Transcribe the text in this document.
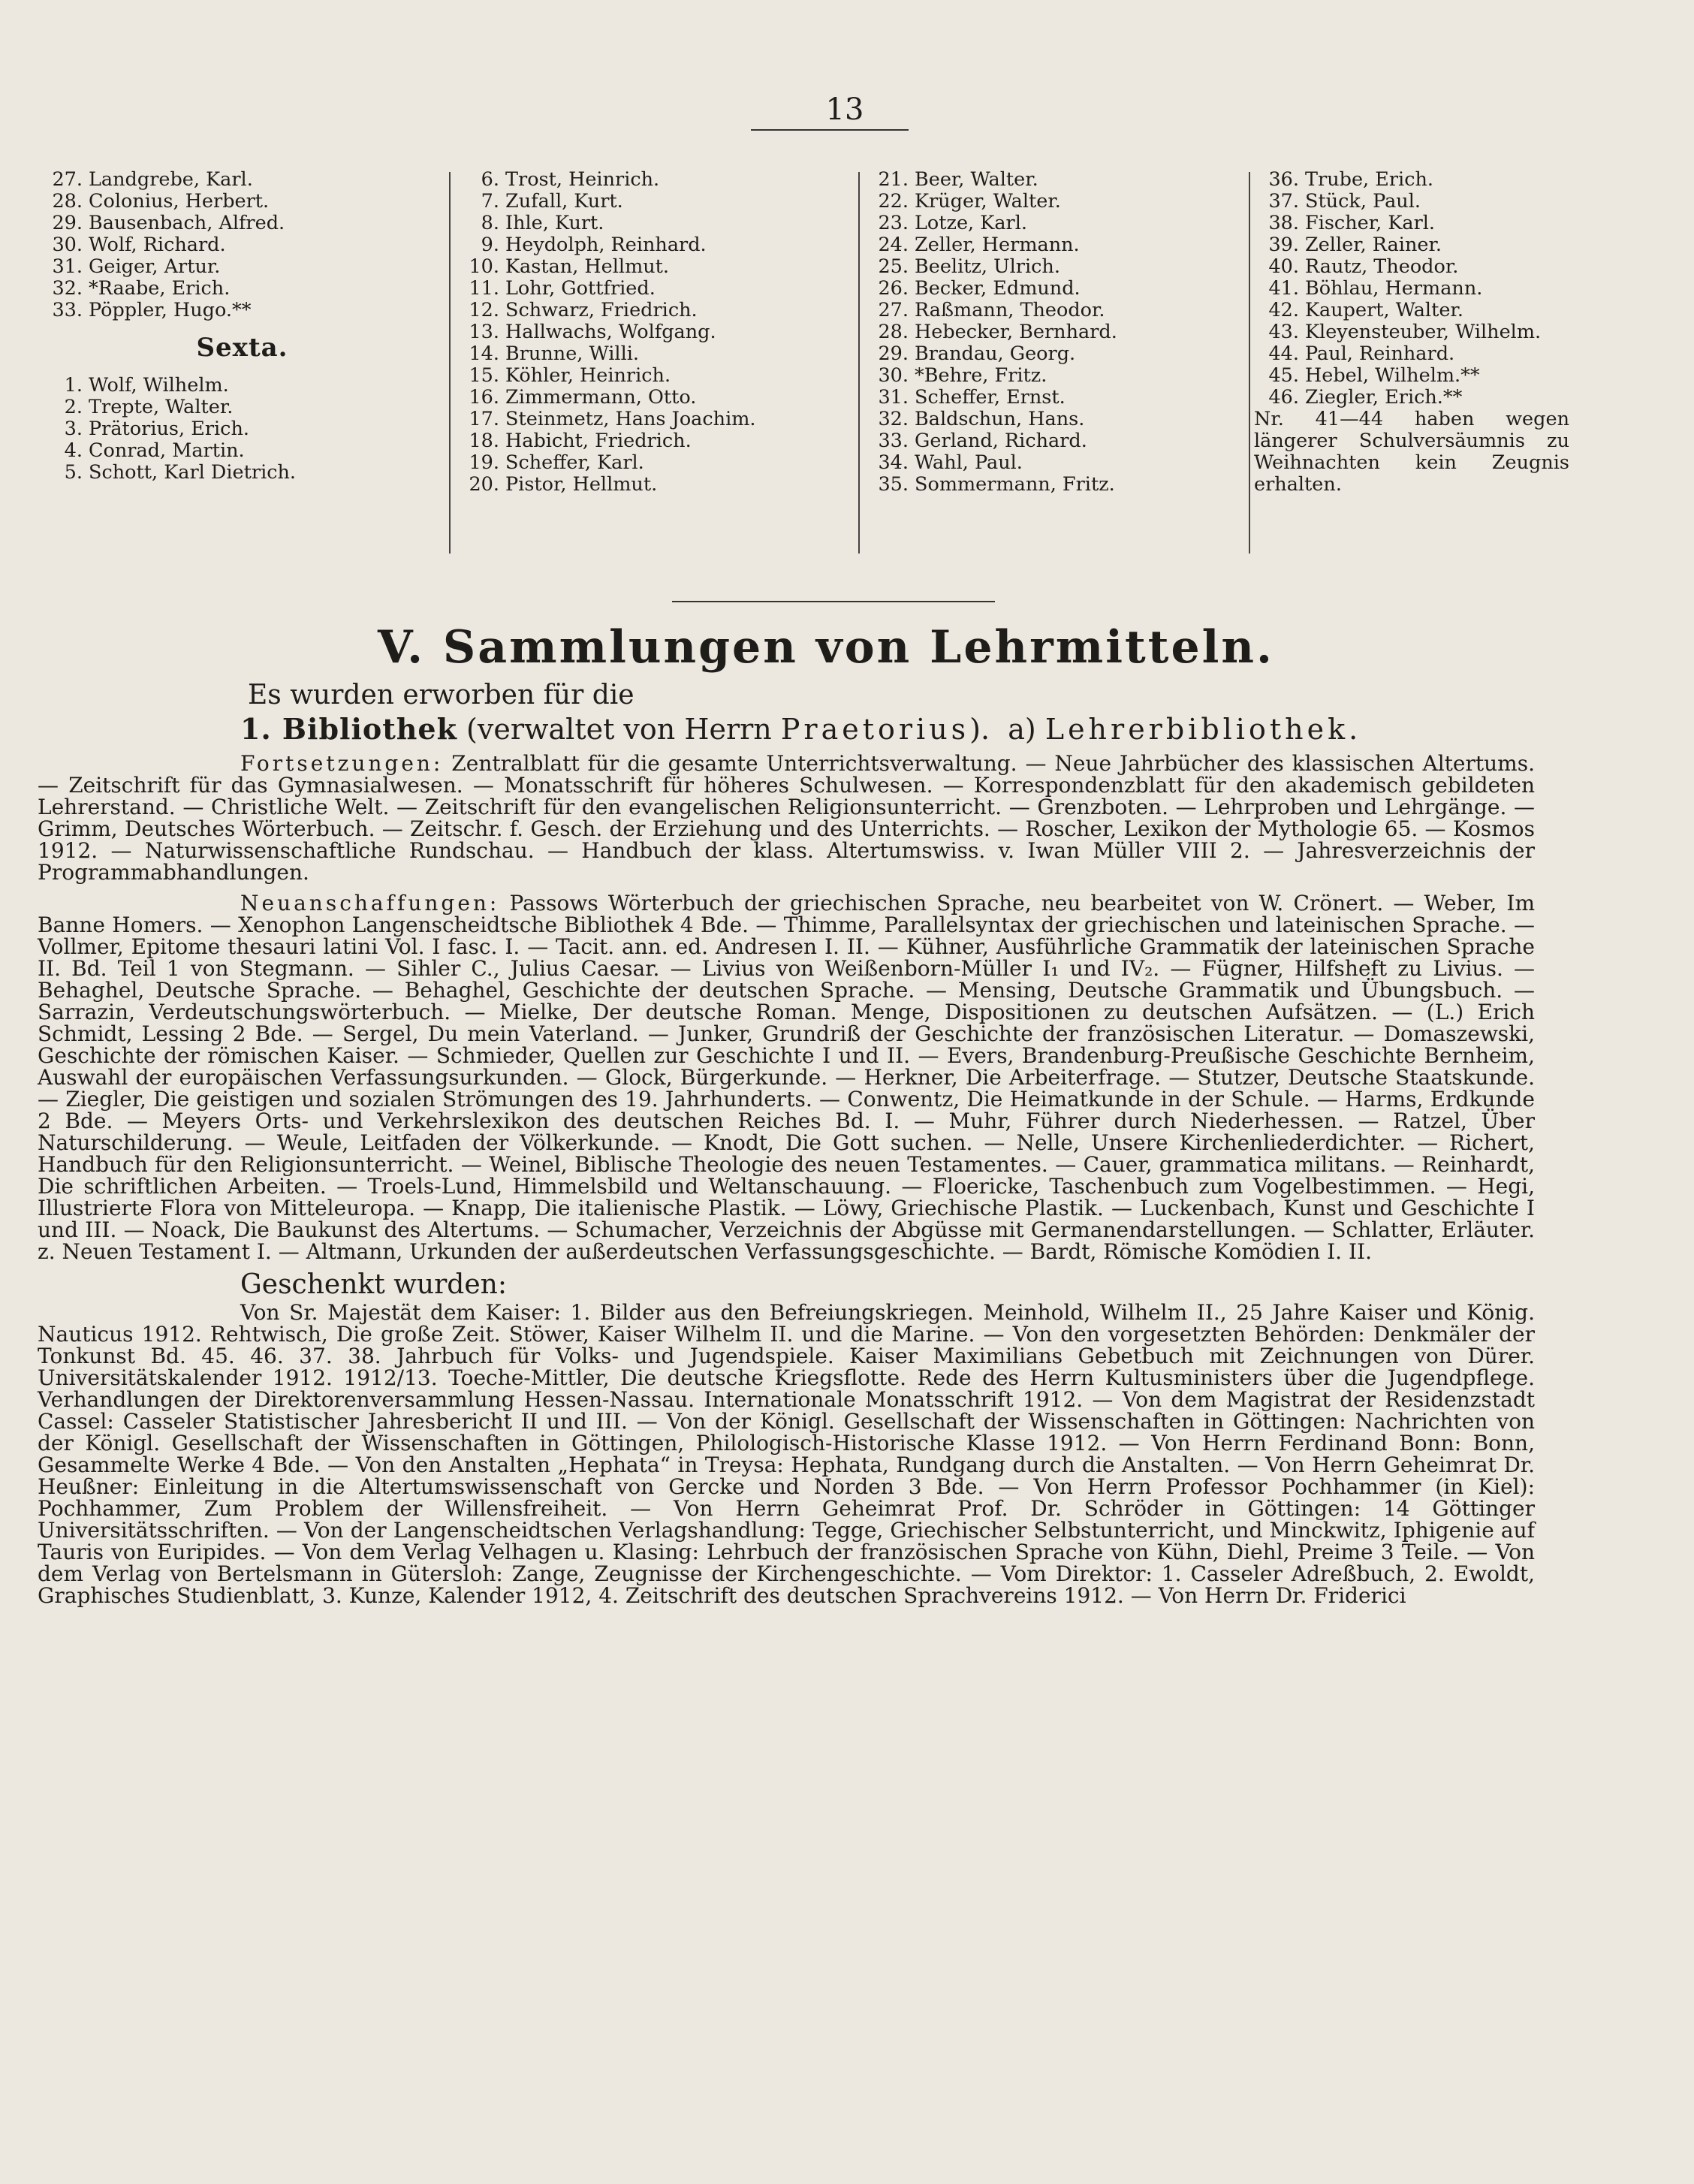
13
27. Landgrebe, Karl.
28. Colonius, Herbert.
29. Bausenbach, Alfred.
30. Wolf, Richard.
31. Geiger, Artur.
32. *Raabe, Erich.
33. Pöppler, Hugo.**
Sexta.
1. Wolf, Wilhelm.
2. Trepte, Walter.
3. Prätorius, Erich.
4. Conrad, Martin.
5. Schott, Karl Dietrich.
6. Trost, Heinrich.
7. Zufall, Kurt.
8. Ihle, Kurt.
9. Heydolph, Reinhard.
10. Kastan, Hellmut.
11. Lohr, Gottfried.
12. Schwarz, Friedrich.
13. Hallwachs, Wolfgang.
14. Brunne, Willi.
15. Köhler, Heinrich.
16. Zimmermann, Otto.
17. Steinmetz, Hans Joachim.
18. Habicht, Friedrich.
19. Scheffer, Karl.
20. Pistor, Hellmut.
21. Beer, Walter.
22. Krüger, Walter.
23. Lotze, Karl.
24. Zeller, Hermann.
25. Beelitz, Ulrich.
26. Becker, Edmund.
27. Raßmann, Theodor.
28. Hebecker, Bernhard.
29. Brandau, Georg.
30. *Behre, Fritz.
31. Scheffer, Ernst.
32. Baldschun, Hans.
33. Gerland, Richard.
34. Wahl, Paul.
35. Sommermann, Fritz.
36. Trube, Erich.
37. Stück, Paul.
38. Fischer, Karl.
39. Zeller, Rainer.
40. Rautz, Theodor.
41. Böhlau, Hermann.
42. Kaupert, Walter.
43. Kleyensteuber, Wilhelm.
44. Paul, Reinhard.
45. Hebel, Wilhelm.**
46. Ziegler, Erich.**
Nr. 41—44 haben wegen längerer Schulversäumnis zu Weihnachten kein Zeugnis erhalten.
V. Sammlungen von Lehrmitteln.
Es wurden erworben für die
1. Bibliothek (verwaltet von Herrn Praetorius). a) Lehrerbibliothek.

Fortsetzungen: Zentralblatt für die gesamte Unterrichtsverwaltung. — Neue Jahrbücher des klassischen Altertums. — Zeitschrift für das Gymnasialwesen. — Monatsschrift für höheres Schulwesen. — Korrespondenzblatt für den akademisch gebildeten Lehrerstand. — Christliche Welt. — Zeitschrift für den evangelischen Religionsunterricht. — Grenzboten. — Lehrproben und Lehrgänge. — Grimm, Deutsches Wörterbuch. — Zeitschr. f. Gesch. der Erziehung und des Unterrichts. — Roscher, Lexikon der Mythologie 65. — Kosmos 1912. — Naturwissenschaftliche Rundschau. — Handbuch der klass. Altertumswiss. v. Iwan Müller VIII 2. — Jahresverzeichnis der Programmabhandlungen.

Neuanschaffungen: Passows Wörterbuch der griechischen Sprache, neu bearbeitet von W. Crönert. — Weber, Im Banne Homers. — Xenophon Langenscheidtsche Bibliothek 4 Bde. — Thimme, Parallelsyntax der griechischen und lateinischen Sprache. — Vollmer, Epitome thesauri latini Vol. I fasc. I. — Tacit. ann. ed. Andresen I. II. — Kühner, Ausführliche Grammatik der lateinischen Sprache II. Bd. Teil 1 von Stegmann. — Sihler C., Julius Caesar. — Livius von Weißenborn-Müller I₁ und IV₂. — Fügner, Hilfsheft zu Livius. — Behaghel, Deutsche Sprache. — Behaghel, Geschichte der deutschen Sprache. — Mensing, Deutsche Grammatik und Übungsbuch. — Sarrazin, Verdeutschungswörterbuch. — Mielke, Der deutsche Roman. Menge, Dispositionen zu deutschen Aufsätzen. — (L.) Erich Schmidt, Lessing 2 Bde. — Sergel, Du mein Vaterland. — Junker, Grundriß der Geschichte der französischen Literatur. — Domaszewski, Geschichte der römischen Kaiser. — Schmieder, Quellen zur Geschichte I und II. — Evers, Brandenburg-Preußische Geschichte Bernheim, Auswahl der europäischen Verfassungsurkunden. — Glock, Bürgerkunde. — Herkner, Die Arbeiterfrage. — Stutzer, Deutsche Staatskunde. — Ziegler, Die geistigen und sozialen Strömungen des 19. Jahrhunderts. — Conwentz, Die Heimatkunde in der Schule. — Harms, Erdkunde 2 Bde. — Meyers Orts- und Verkehrslexikon des deutschen Reiches Bd. I. — Muhr, Führer durch Niederhessen. — Ratzel, Über Naturschilderung. — Weule, Leitfaden der Völkerkunde. — Knodt, Die Gott suchen. — Nelle, Unsere Kirchenliederdichter. — Richert, Handbuch für den Religionsunterricht. — Weinel, Biblische Theologie des neuen Testamentes. — Cauer, grammatica militans. — Reinhardt, Die schriftlichen Arbeiten. — Troels-Lund, Himmelsbild und Weltanschauung. — Floericke, Taschenbuch zum Vogelbestimmen. — Hegi, Illustrierte Flora von Mitteleuropa. — Knapp, Die italienische Plastik. — Löwy, Griechische Plastik. — Luckenbach, Kunst und Geschichte I und III. — Noack, Die Baukunst des Altertums. — Schumacher, Verzeichnis der Abgüsse mit Germanendarstellungen. — Schlatter, Erläuter. z. Neuen Testament I. — Altmann, Urkunden der außerdeutschen Verfassungsgeschichte. — Bardt, Römische Komödien I. II.

Geschenkt wurden:

Von Sr. Majestät dem Kaiser: 1. Bilder aus den Befreiungskriegen. Meinhold, Wilhelm II., 25 Jahre Kaiser und König. Nauticus 1912. Rehtwisch, Die große Zeit. Stöwer, Kaiser Wilhelm II. und die Marine. — Von den vorgesetzten Behörden: Denkmäler der Tonkunst Bd. 45. 46. 37. 38. Jahrbuch für Volks- und Jugendspiele. Kaiser Maximilians Gebetbuch mit Zeichnungen von Dürer. Universitätskalender 1912. 1912/13. Toeche-Mittler, Die deutsche Kriegsflotte. Rede des Herrn Kultusministers über die Jugendpflege. Verhandlungen der Direktorenversammlung Hessen-Nassau. Internationale Monatsschrift 1912. — Von dem Magistrat der Residenzstadt Cassel: Casseler Statistischer Jahresbericht II und III. — Von der Königl. Gesellschaft der Wissenschaften in Göttingen: Nachrichten von der Königl. Gesellschaft der Wissenschaften in Göttingen, Philologisch-Historische Klasse 1912. — Von Herrn Ferdinand Bonn: Bonn, Gesammelte Werke 4 Bde. — Von den Anstalten „Hephata“ in Treysa: Hephata, Rundgang durch die Anstalten. — Von Herrn Geheimrat Dr. Heußner: Einleitung in die Altertumswissenschaft von Gercke und Norden 3 Bde. — Von Herrn Professor Pochhammer (in Kiel): Pochhammer, Zum Problem der Willensfreiheit. — Von Herrn Geheimrat Prof. Dr. Schröder in Göttingen: 14 Göttinger Universitätsschriften. — Von der Langenscheidtschen Verlagshandlung: Tegge, Griechischer Selbstunterricht, und Minckwitz, Iphigenie auf Tauris von Euripides. — Von dem Verlag Velhagen u. Klasing: Lehrbuch der französischen Sprache von Kühn, Diehl, Preime 3 Teile. — Von dem Verlag von Bertelsmann in Gütersloh: Zange, Zeugnisse der Kirchengeschichte. — Vom Direktor: 1. Casseler Adreßbuch, 2. Ewoldt, Graphisches Studienblatt, 3. Kunze, Kalender 1912, 4. Zeitschrift des deutschen Sprachvereins 1912. — Von Herrn Dr. Friderici
